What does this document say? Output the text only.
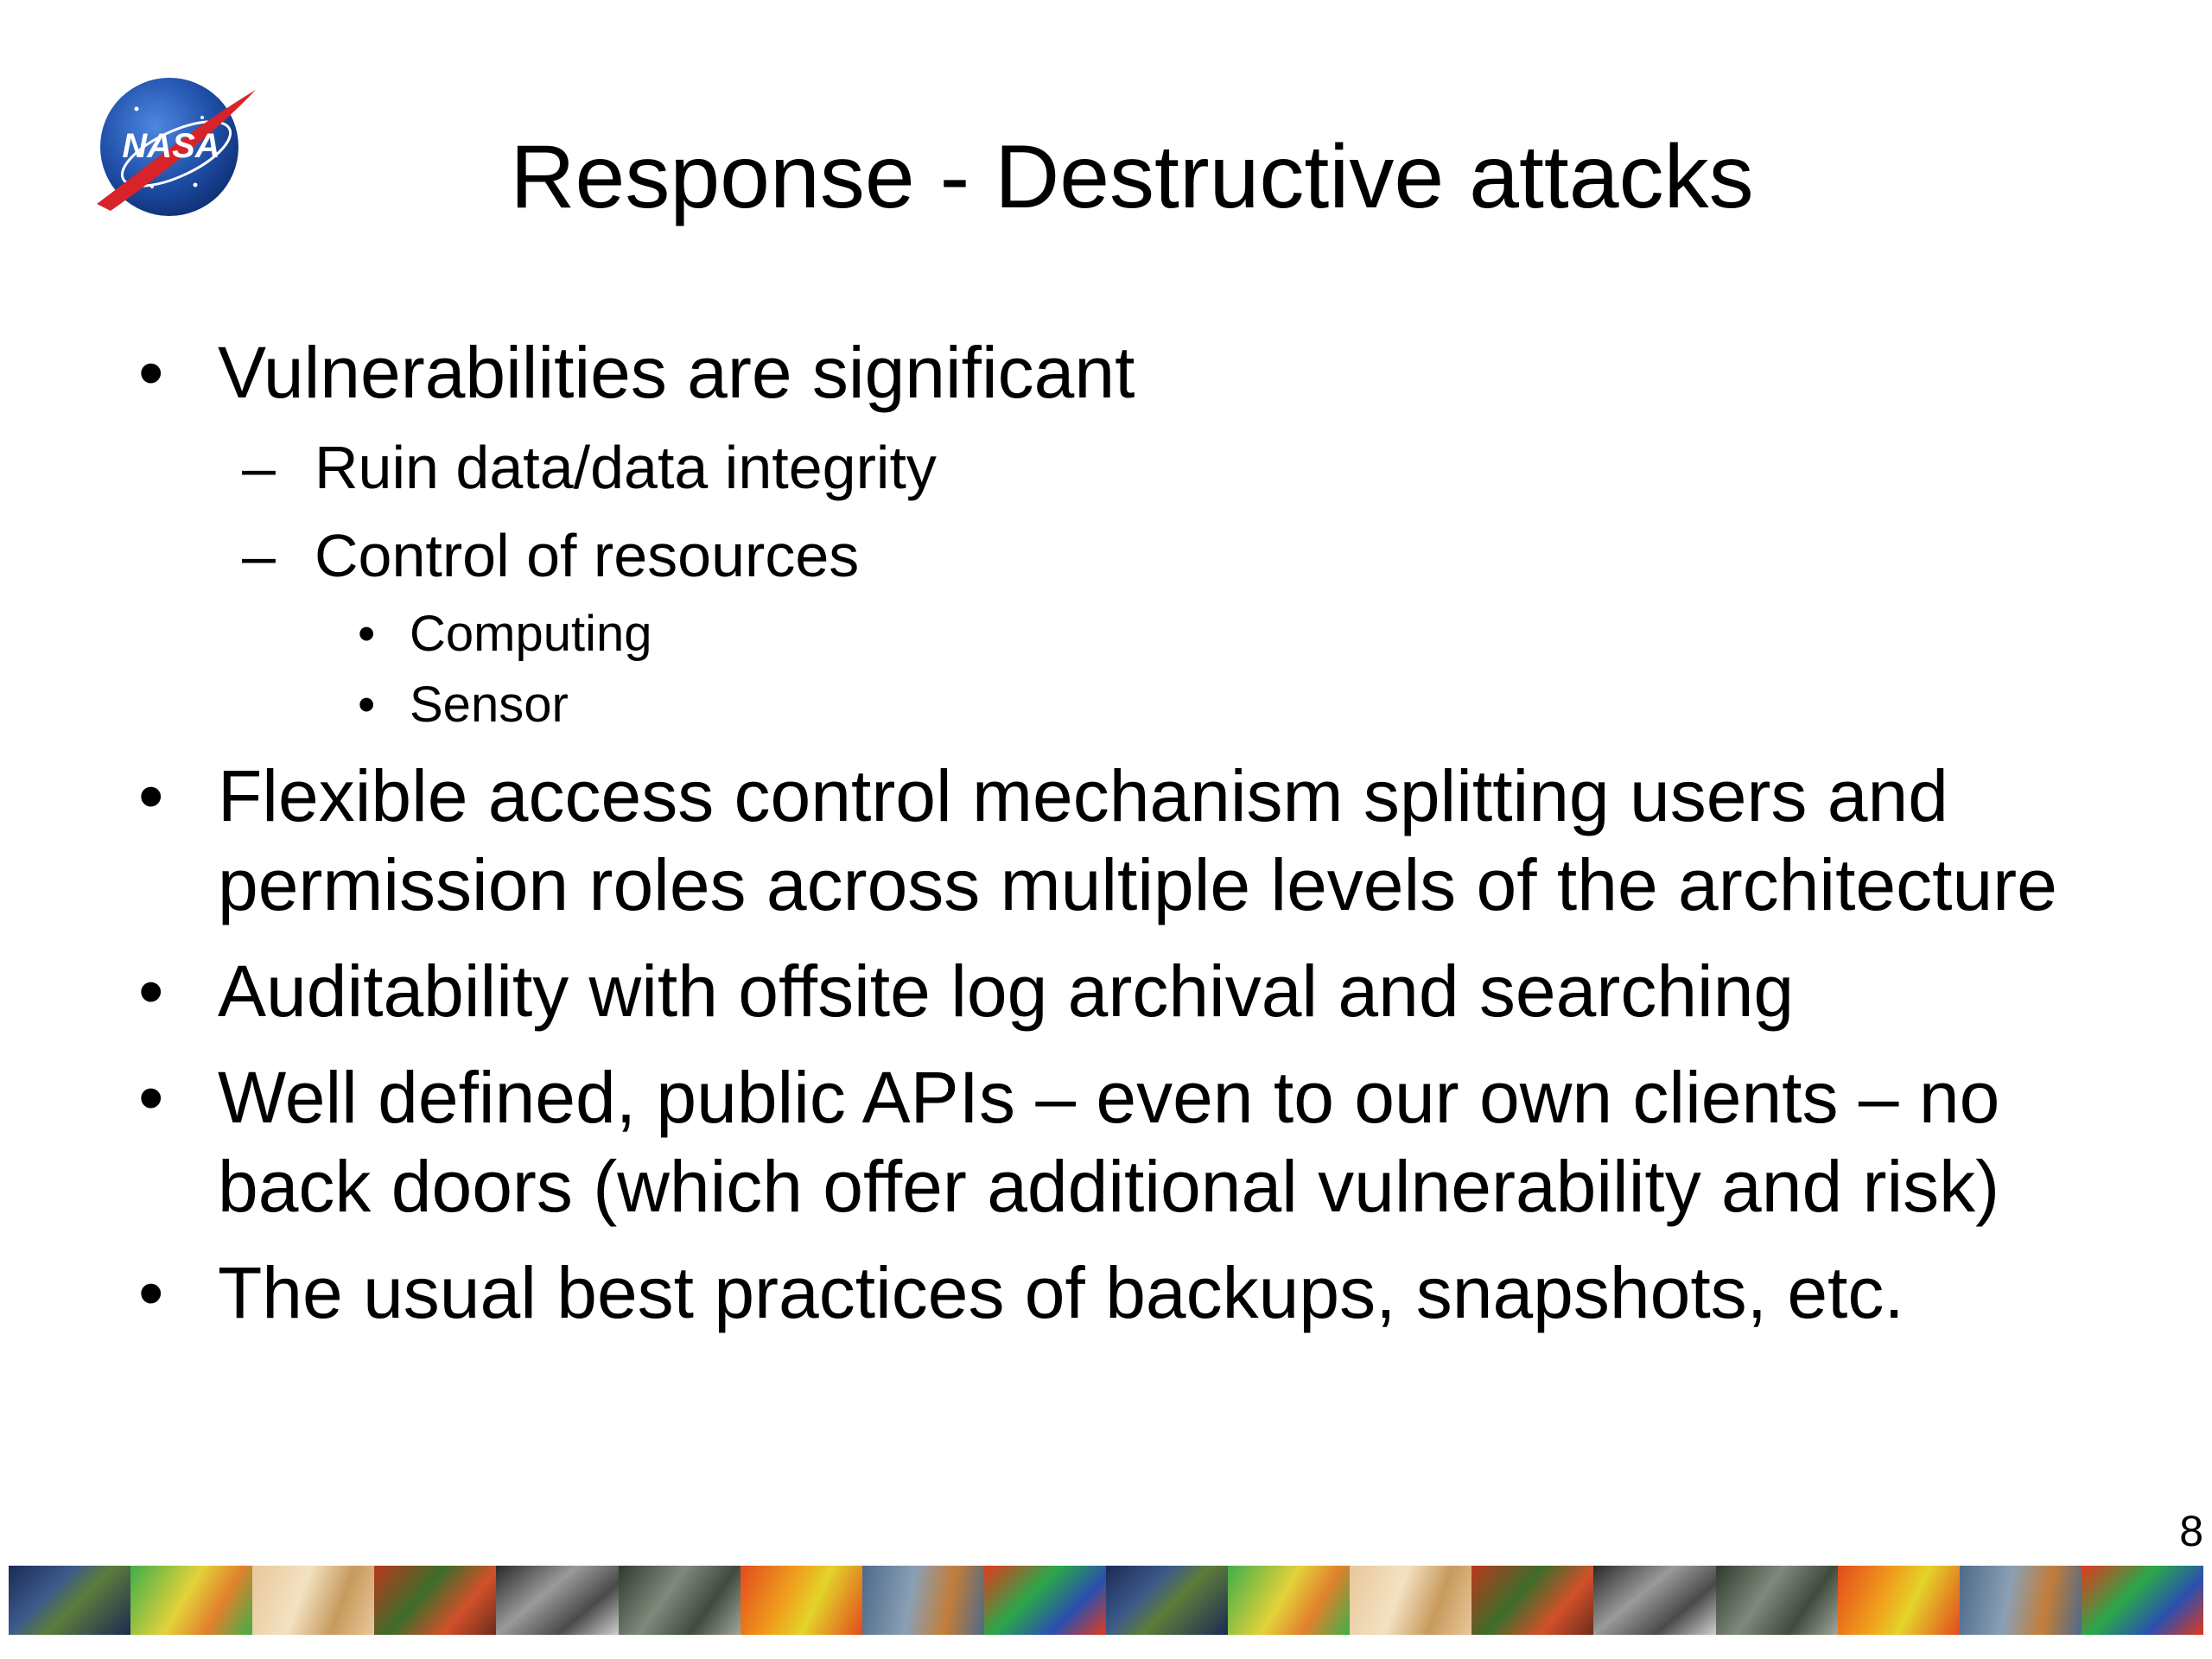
NASA	Response - Destructive attacks
• Vulnerabilities are significant
– Ruin data/data integrity
– Control of resources
• Computing
• Sensor
• Flexible access control mechanism splitting users and
permission roles across multiple levels of the architecture
• Auditability with offsite log archival and searching
• Well defined, public APIs – even to our own clients – no
back doors (which offer additional vulnerability and risk)
• The usual best practices of backups, snapshots, etc.
8
